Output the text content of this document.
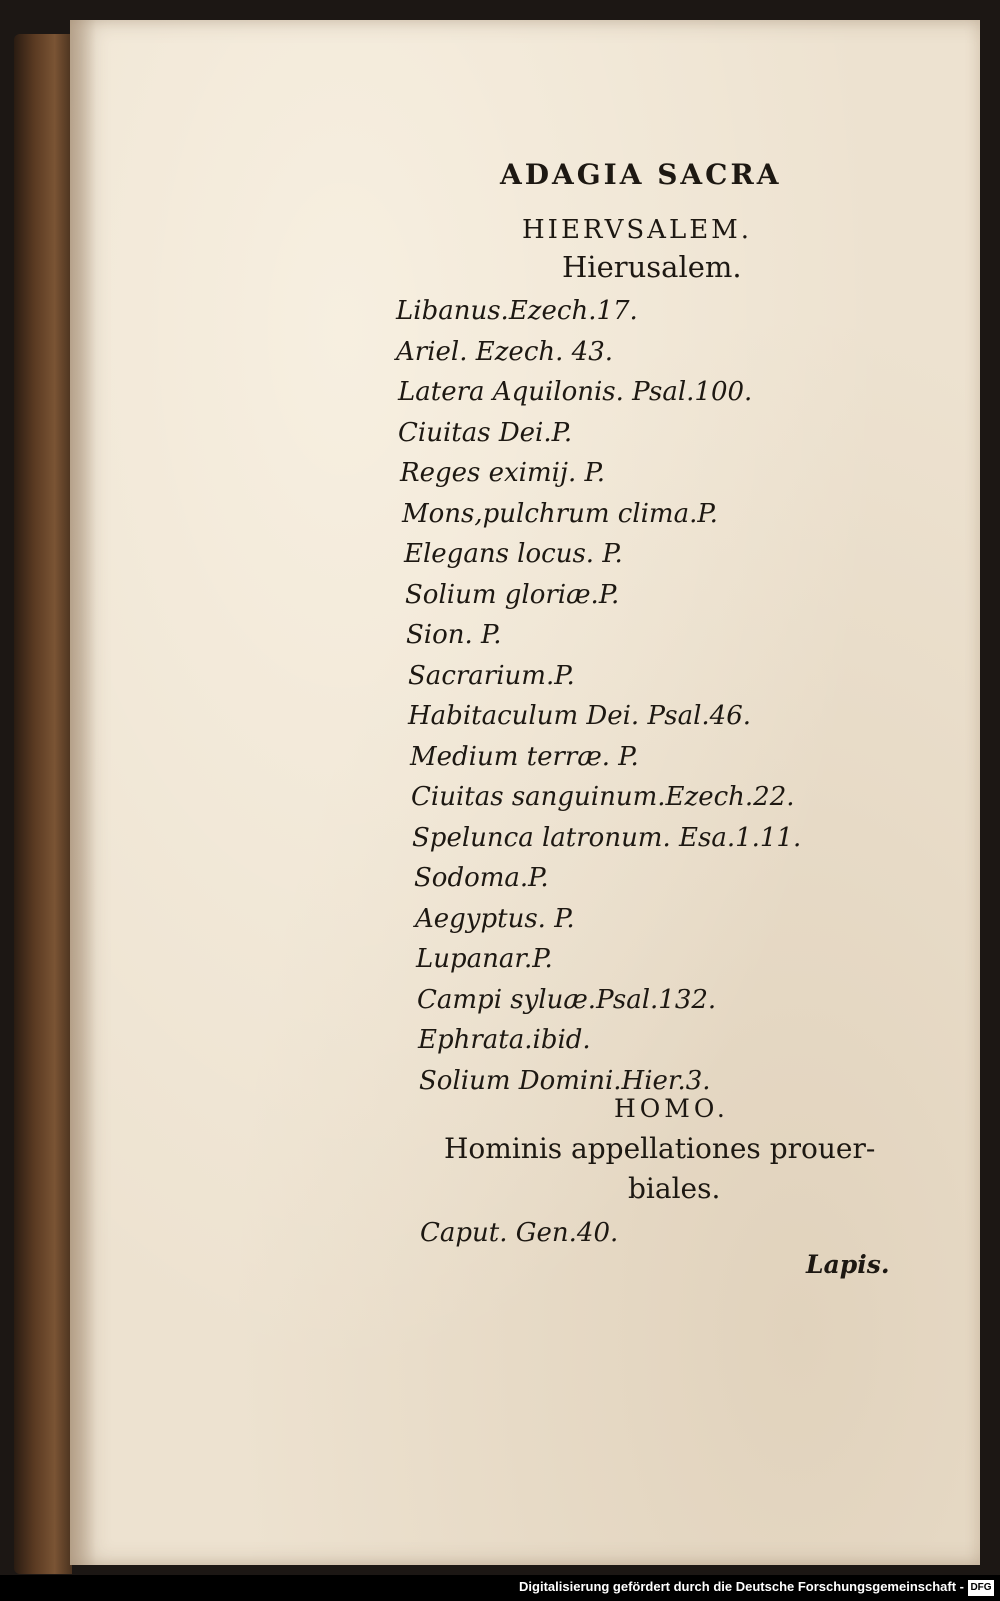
ADAGIA SACRA
HIERVSALEM.
Hierusalem.
Libanus.Ezech.17.
Ariel. Ezech. 43.
Latera Aquilonis. Psal.100.
Ciuitas Dei.P.
Reges eximij. P.
Mons,pulchrum clima.P.
Elegans locus. P.
Solium gloriæ.P.
Sion. P.
Sacrarium.P.
Habitaculum Dei. Psal.46.
Medium terræ. P.
Ciuitas sanguinum.Ezech.22.
Spelunca latronum. Esa.1.11.
Sodoma.P.
Aegyptus. P.
Lupanar.P.
Campi syluæ.Psal.132.
Ephrata.ibid.
Solium Domini.Hier.3.
HOMO.
Hominis appellationes prouer-
biales.
Caput. Gen.40.
Lapis.
Digitalisierung gefördert durch die Deutsche Forschungsgemeinschaft - DFG
